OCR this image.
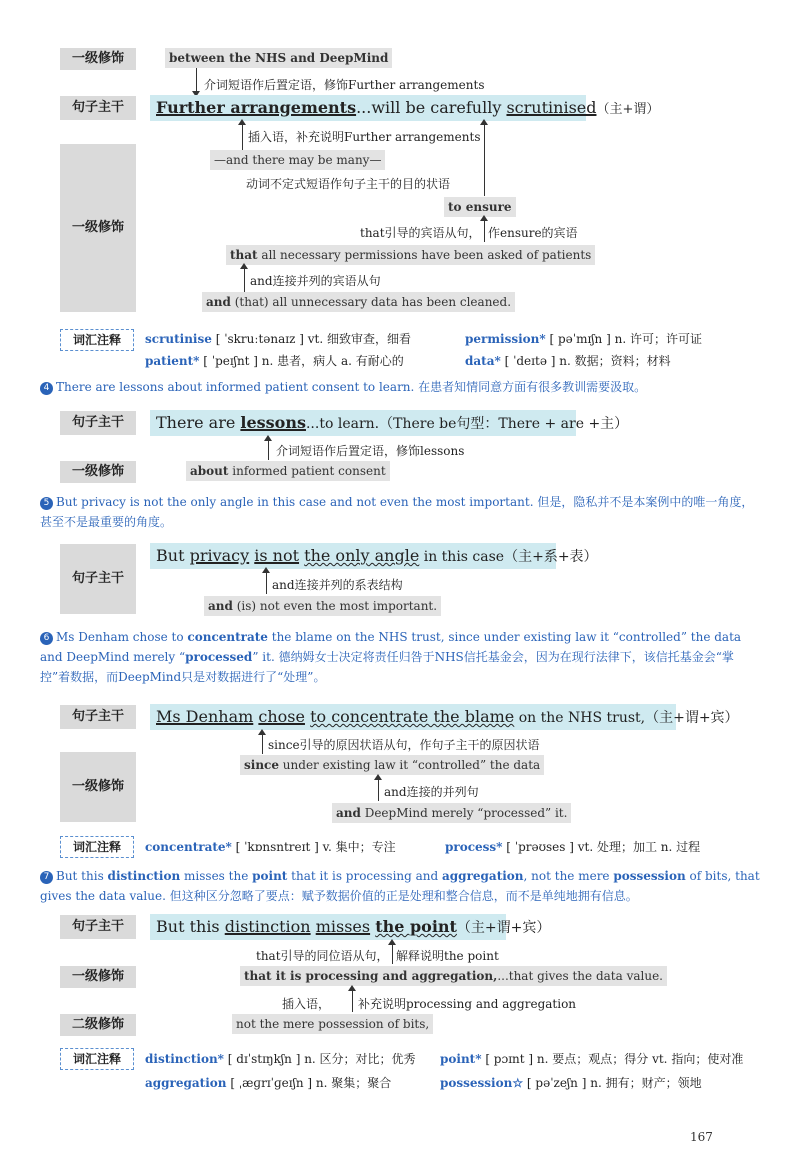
一级修饰	between the NHS and DeepMind
介词短语作后置定语，修饰Further arrangements
句子主干	Further arrangements...will be carefully scrutinised（主+谓）
一级修饰
插入语，补充说明Further arrangements
—and there may be many—
动词不定式短语作句子主干的目的状语
to ensure
that引导的宾语从句， 作ensure的宾语
that all necessary permissions have been asked of patients
and连接并列的宾语从句
and (that) all unnecessary data has been cleaned.
词汇注释	scrutinise [ ˈskruːtənaɪz ] vt. 细致审查，细看	permission* [ pəˈmɪʃn ] n. 许可；许可证
patient* [ ˈpeɪʃnt ] n. 患者，病人 a. 有耐心的	data* [ ˈdeɪtə ] n. 数据；资料；材料
4 There are lessons about informed patient consent to learn. 在患者知情同意方面有很多教训需要汲取。
句子主干	There are lessons...to learn.（There be句型：There + are +主）
介词短语作后置定语，修饰lessons
一级修饰	about informed patient consent
5 But privacy is not the only angle in this case and not even the most important. 但是，隐私并不是本案例中的唯一角度，甚至不是最重要的角度。
句子主干
But privacy is not the only angle in this case（主+系+表）
and连接并列的系表结构
and (is) not even the most important.
6 Ms Denham chose to concentrate the blame on the NHS trust, since under existing law it “controlled” the data and DeepMind merely “processed” it. 德纳姆女士决定将责任归咎于NHS信托基金会，因为在现行法律下，该信托基金会“掌控”着数据，而DeepMind只是对数据进行了“处理”。
句子主干	Ms Denham chose to concentrate the blame on the NHS trust,（主+谓+宾）
一级修饰
since引导的原因状语从句，作句子主干的原因状语
since under existing law it “controlled” the data
and连接的并列句
and DeepMind merely “processed” it.
词汇注释	concentrate* [ ˈkɒnsntreɪt ] v. 集中；专注	process* [ ˈprəʊses ] vt. 处理；加工 n. 过程
7 But this distinction misses the point that it is processing and aggregation, not the mere possession of bits, that gives the data value. 但这种区分忽略了要点：赋予数据价值的正是处理和整合信息，而不是单纯地拥有信息。
句子主干	But this distinction misses the point（主+谓+宾）
that引导的同位语从句， 解释说明the point
一级修饰	that it is processing and aggregation,...that gives the data value.
插入语， 补充说明processing and aggregation
二级修饰	not the mere possession of bits,
词汇注释	distinction* [ dɪˈstɪŋkʃn ] n. 区分；对比；优秀 point* [ pɔɪnt ] n. 要点；观点；得分 vt. 指向；使对准
aggregation [ ˌæɡrɪˈɡeɪʃn ] n. 聚集；聚合	possession☆ [ pəˈzeʃn ] n. 拥有；财产；领地
167
